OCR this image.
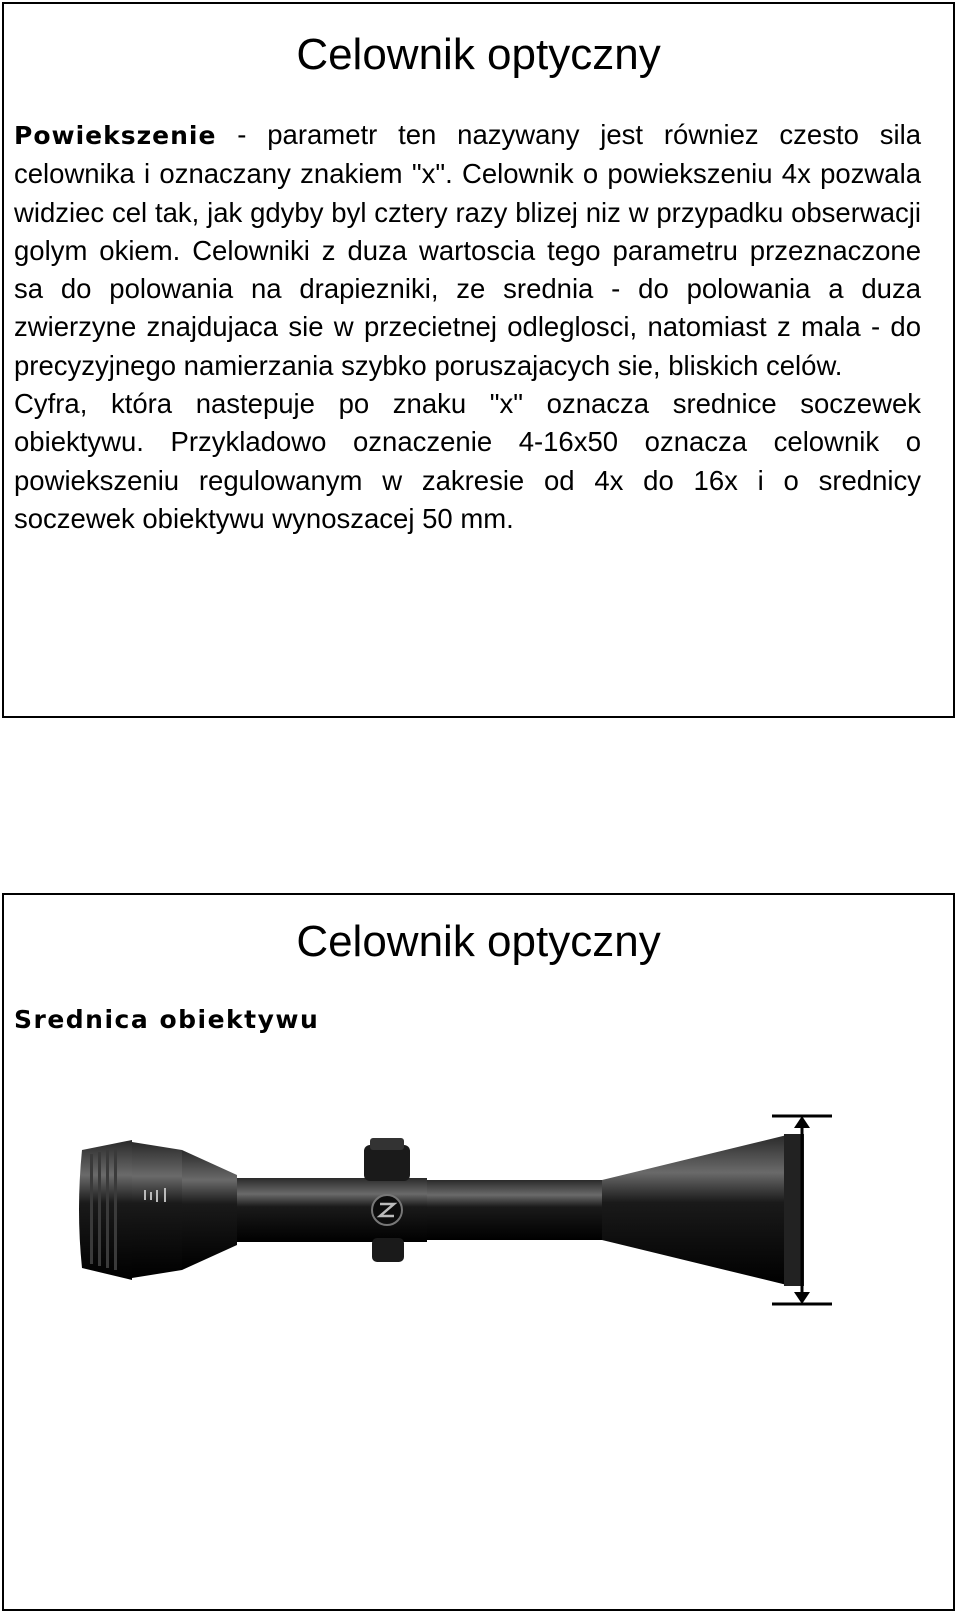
Celownik optyczny

Powiekszenie - parametr ten nazywany jest równiez czesto sila celownika i oznaczany znakiem "x". Celownik o powiekszeniu 4x pozwala widziec cel tak, jak gdyby byl cztery razy blizej niz w przypadku obserwacji golym okiem. Celowniki z duza wartoscia tego parametru przeznaczone sa do polowania na drapiezniki, ze srednia - do polowania a duza zwierzyne znajdujaca sie w przecietnej odleglosci, natomiast z mala - do precyzyjnego namierzania szybko poruszajacych sie, bliskich celów.

Cyfra, która nastepuje po znaku "x" oznacza srednice soczewek obiektywu. Przykladowo oznaczenie 4-16x50 oznacza celownik o powiekszeniu regulowanym w zakresie od 4x do 16x i o srednicy soczewek obiektywu wynoszacej 50 mm.

Celownik optyczny
Srednica obiektywu
